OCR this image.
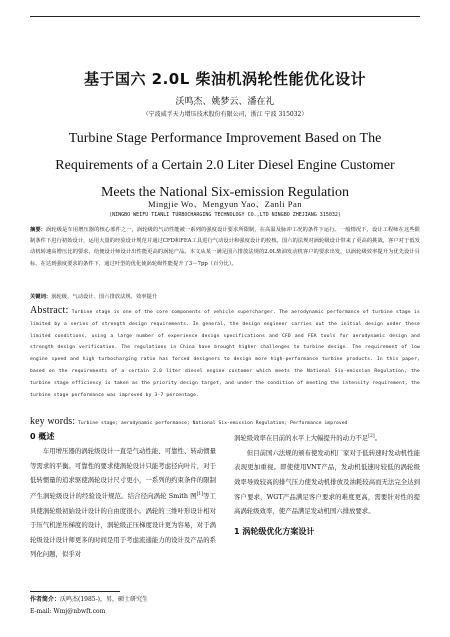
基于国六 2.0L 柴油机涡轮性能优化设计
沃鸣杰、姚梦云、潘在礼
（宁波威孚天力增压技术股份有限公司，浙江 宁波 315032）
Turbine Stage Performance Improvement Based on The
Requirements of a Certain 2.0 Liter Diesel Engine Customer
Meets the National Six-emission Regulation
Mingjie Wo、Mengyun Yao、Zanli Pan
(NINGBO WEIFU TIANLI TURBOCHARGING TECHNOLOGY CO.,LTD NINGBO ZHEJIANG 315032)
摘要：涡轮级是车用增压器的核心部件之一，涡轮级的气动性能被一系列的强度设计要求所限制，在高温及脉冲工况的条件下运行。一般情况下，设计工程师在这些限制条件下进行初始设计，运用大量的经验设计规范并通过CFD和FEA工具进行气动设计和强度设计的校核。国六的法规对涡轮级设计带来了更高的挑战，客户对于低发动机转速高增压比的要求，给便设计师设计出性能更高的涡轮产品。本文从某一满足国六排放法规的2.0L柴油发动机客户的要求出发，以涡轮级效率提升为优先设计目标，在达到强度要求的条件下，通过叶型的优化使涡轮级性能提升了3－7pp（百分比）。
关键词：涡轮级、气动设计、国六排放法规、效率提升
Abstract: Turbine stage is one of the core components of vehicle supercharger. The aerodynamic performance of turbine stage is limited by a series of strength design requirements. In general, the design engineer carries out the initial design under these limited conditions, using a large number of experience design specifications and CFD and FEA tools for aerodynamic design and strength design verification. The regulations in China have brought higher challenges to turbine design. The requirement of low engine speed and high turbocharging ratio has forced designers to design more high-performance turbine products. In this paper, based on the requirements of a certain 2.0 liter diesel engine customer which meets the National Six-emission Regulation, the turbine stage efficiency is taken as the priority design target, and under the condition of meeting the intensity requirement, the turbine stage performance was improved by 3-7 percentage.
key words: Turbine stage; aerodynamic performance; National Six-emission Regulation; Performance improved
0 概述

车用增压器的涡轮级设计一直是气动性能、可靠性、转动惯量等需求的平衡。可靠性的要求使涡轮设计只能考虑径向叶片，对于低转惯量的追求驱使涡轮设计尺寸更小，一系列的约束条件的限制产生涡轮级设计的经验设计规范。结合径向涡轮 Smith 图[1]等工具使涡轮级初始设计设计的自由度很小。涡轮的三维叶形设计相对于压气机逆压梯度的设计，涡轮级正压梯度设计更为容易，对于涡轮级设计设计师更多的时间是用于考虑流通能力的设计及产品的系列化问题，似乎对

涡轮级效率在目前的水平上大幅提升的动力不足[2]。

但目前国六法规的颁布使发动机厂家对于低转速时发动机性能表现更加重视。即使使用VNT产品，发动机低速时较低的涡轮级效率导致较高的排气压力使发动机排放及油耗较高而无法完全达到客户要求，WGT产品满足客户要求的难度更高，需要针对性的提高涡轮级效率，使产品满足发动机国六排放要求。

1 涡轮级优化方案设计
作者简介：沃鸣杰(1985-)，男，硕士研究生
E-mail: Wmj@nbwft.com
